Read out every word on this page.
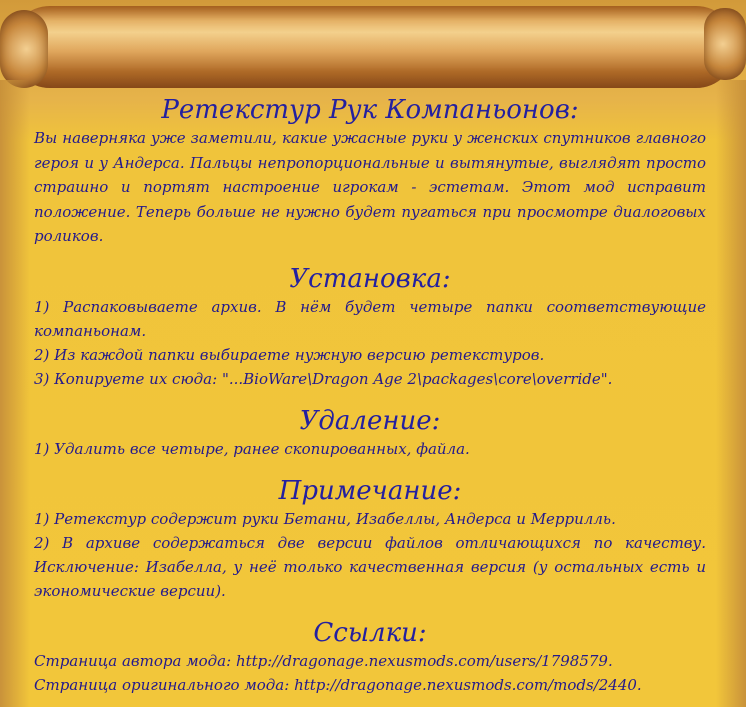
Ретекстур Рук Компаньонов:

Вы наверняка уже заметили, какие ужасные руки у женских спутников главного героя и у Андерса. Пальцы непропорциональные и вытянутые, выглядят просто страшно и портят настроение игрокам - эстетам. Этот мод исправит положение. Теперь больше не нужно будет пугаться при просмотре диалоговых роликов.

Установка:

1) Распаковываете архив. В нём будет четыре папки соответствующие компаньонам.

2) Из каждой папки выбираете нужную версию ретекстуров.

3) Копируете их сюда: "...BioWare\Dragon Age 2\packages\core\override".

Удаление:

1) Удалить все четыре, ранее скопированных, файла.

Примечание:

1) Ретекстур содержит руки Бетани, Изабеллы, Андерса и Меррилль.

2) В архиве содержаться две версии файлов отличающихся по качеству. Исключение: Изабелла, у неё только качественная версия (у остальных есть и экономические версии).

Ссылки:

Страница автора мода: http://dragonage.nexusmods.com/users/1798579.

Страница оригинального мода: http://dragonage.nexusmods.com/mods/2440.
